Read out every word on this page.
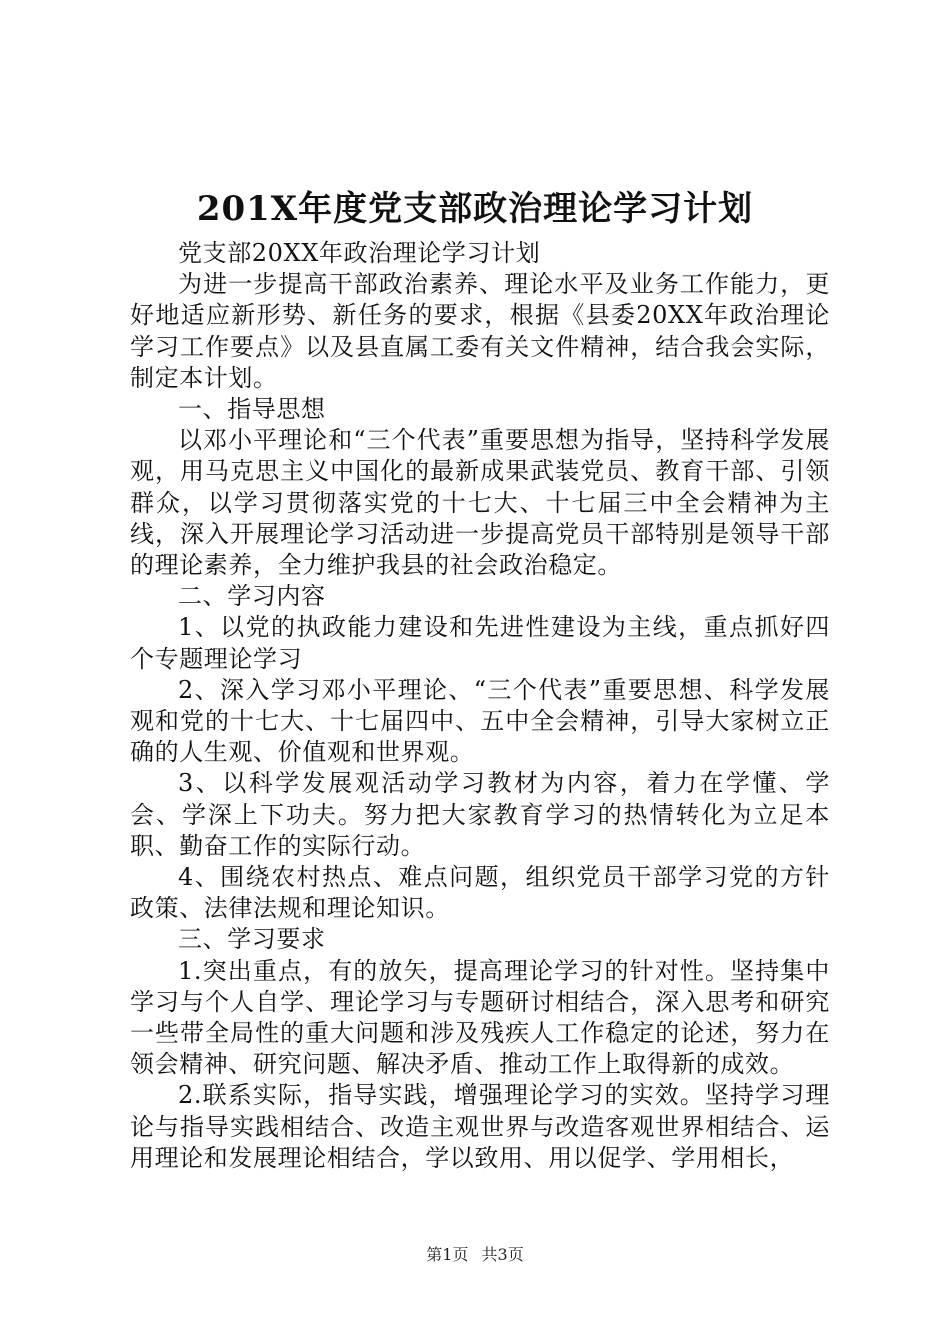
201X年度党支部政治理论学习计划

党支部20XX年政治理论学习计划

为进一步提高干部政治素养、理论水平及业务工作能力，更好地适应新形势、新任务的要求，根据《县委20XX年政治理论学习工作要点》以及县直属工委有关文件精神，结合我会实际，制定本计划。

一、指导思想

以邓小平理论和“三个代表”重要思想为指导，坚持科学发展观，用马克思主义中国化的最新成果武装党员、教育干部、引领群众，以学习贯彻落实党的十七大、十七届三中全会精神为主线，深入开展理论学习活动进一步提高党员干部特别是领导干部的理论素养，全力维护我县的社会政治稳定。

二、学习内容

1、以党的执政能力建设和先进性建设为主线，重点抓好四个专题理论学习

2、深入学习邓小平理论、“三个代表”重要思想、科学发展观和党的十七大、十七届四中、五中全会精神，引导大家树立正确的人生观、价值观和世界观。

3、以科学发展观活动学习教材为内容，着力在学懂、学会、学深上下功夫。努力把大家教育学习的热情转化为立足本职、勤奋工作的实际行动。

4、围绕农村热点、难点问题，组织党员干部学习党的方针政策、法律法规和理论知识。

三、学习要求

1.突出重点，有的放矢，提高理论学习的针对性。坚持集中学习与个人自学、理论学习与专题研讨相结合，深入思考和研究一些带全局性的重大问题和涉及残疾人工作稳定的论述，努力在领会精神、研究问题、解决矛盾、推动工作上取得新的成效。

2.联系实际，指导实践，增强理论学习的实效。坚持学习理论与指导实践相结合、改造主观世界与改造客观世界相结合、运用理论和发展理论相结合，学以致用、用以促学、学用相长，

第1页 共3页
